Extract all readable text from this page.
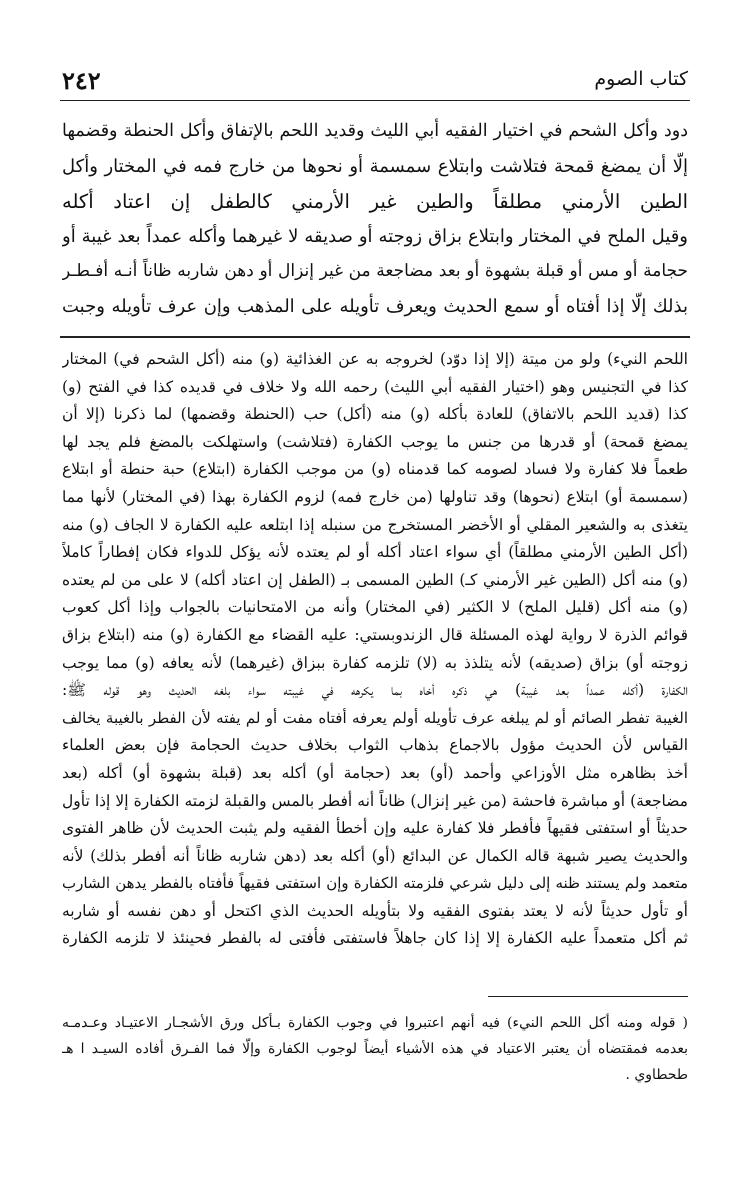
٢٤٢	كتاب الصوم
دود وأكل الشحم في اختيار الفقيه أبي الليث وقديد اللحم بالإتفاق وأكل الحنطة وقضمها
إلّا أن يمضغ قمحة فتلاشت وابتلاع سمسمة أو نحوها من خارج فمه في المختار وأكل
الطين الأرمني مطلقاً والطين غير الأرمني كالطفل إن اعتاد أكله
وقيل الملح في المختار وابتلاع بزاق زوجته أو صديقه لا غيرهما وأكله عمداً بعد غيبة أو
حجامة أو مس أو قبلة بشهوة أو بعد مضاجعة من غير إنزال أو دهن شاربه ظاناً أنـه أفـطـر
بذلك إلّا إذا أفتاه أو سمع الحديث ويعرف تأويله على المذهب وإن عرف تأويله وجبت
اللحم النيء) ولو من ميتة (إلا إذا دوّد) لخروجه به عن الغذائية (و) منه (أكل الشحم في) المختار
كذا في التجنيس وهو (اختيار الفقيه أبي الليث) رحمه الله ولا خلاف في قديده كذا في الفتح (و)
كذا (قديد اللحم بالاتفاق) للعادة بأكله (و) منه (أكل) حب (الحنطة وقضمها) لما ذكرنا (إلا أن
يمضغ قمحة) أو قدرها من جنس ما يوجب الكفارة (فتلاشت) واستهلكت بالمضغ فلم يجد لها
طعماً فلا كفارة ولا فساد لصومه كما قدمناه (و) من موجب الكفارة (ابتلاع) حبة حنطة أو ابتلاع
(سمسمة أو) ابتلاع (نحوها) وقد تناولها (من خارج فمه) لزوم الكفارة بهذا (في المختار) لأنها مما
يتغذى به والشعير المقلي أو الأخضر المستخرج من سنبله إذا ابتلعه عليه الكفارة لا الجاف (و) منه
(أكل الطين الأرمني مطلقاً) أي سواء اعتاد أكله أو لم يعتده لأنه يؤكل للدواء فكان إفطاراً كاملاً
(و) منه أكل (الطين غير الأرمني كـ) الطين المسمى بـ (الطفل إن اعتاد أكله) لا على من لم يعتده
(و) منه أكل (قليل الملح) لا الكثير (في المختار) وأنه من الامتحانيات بالجواب وإذا أكل كعوب
قوائم الذرة لا رواية لهذه المسئلة قال الزندوبستي: عليه القضاء مع الكفارة (و) منه (ابتلاع بزاق
زوجته أو) بزاق (صديقه) لأنه يتلذذ به (لا) تلزمه كفارة ببزاق (غيرهما) لأنه يعافه (و) مما يوجب
الكفارة (أكله عمداً بعد غيبة) هي ذكره أخاه بما يكرهه في غيبته سواء بلغه الحديث وهو قوله ﷺ:
الغيبة تفطر الصائم أو لم يبلغه عرف تأويله أولم يعرفه أفتاه مفت أو لم يفته لأن الفطر بالغيبة يخالف
القياس لأن الحديث مؤول بالاجماع بذهاب الثواب بخلاف حديث الحجامة فإن بعض العلماء
أخذ بظاهره مثل الأوزاعي وأحمد (أو) بعد (حجامة أو) أكله بعد (قبلة بشهوة أو) أكله (بعد
مضاجعة) أو مباشرة فاحشة (من غير إنزال) ظاناً أنه أفطر بالمس والقبلة لزمته الكفارة إلا إذا تأول
حديثاً أو استفتى فقيهاً فأفطر فلا كفارة عليه وإن أخطأ الفقيه ولم يثبت الحديث لأن ظاهر الفتوى
والحديث يصير شبهة قاله الكمال عن البدائع (أو) أكله بعد (دهن شاربه ظاناً أنه أفطر بذلك) لأنه
متعمد ولم يستند ظنه إلى دليل شرعي فلزمته الكفارة وإن استفتى فقيهاً فأفتاه بالفطر يدهن الشارب
أو تأول حديثاً لأنه لا يعتد بفتوى الفقيه ولا بتأويله الحديث الذي اكتحل أو دهن نفسه أو شاربه
ثم أكل متعمداً عليه الكفارة إلا إذا كان جاهلاً فاستفتى فأفتى له بالفطر فحينئذ لا تلزمه الكفارة
( قوله ومنه أكل اللحم النيء) فيه أنهم اعتبروا في وجوب الكفارة بـأكل ورق الأشجـار الاعتيـاد وعـدمـه
بعدمه فمقتضاه أن يعتبر الاعتياد في هذه الأشياء أيضاً لوجوب الكفارة وإلّا فما الفـرق أفاده السيـد ا هـ
طحطاوي .
